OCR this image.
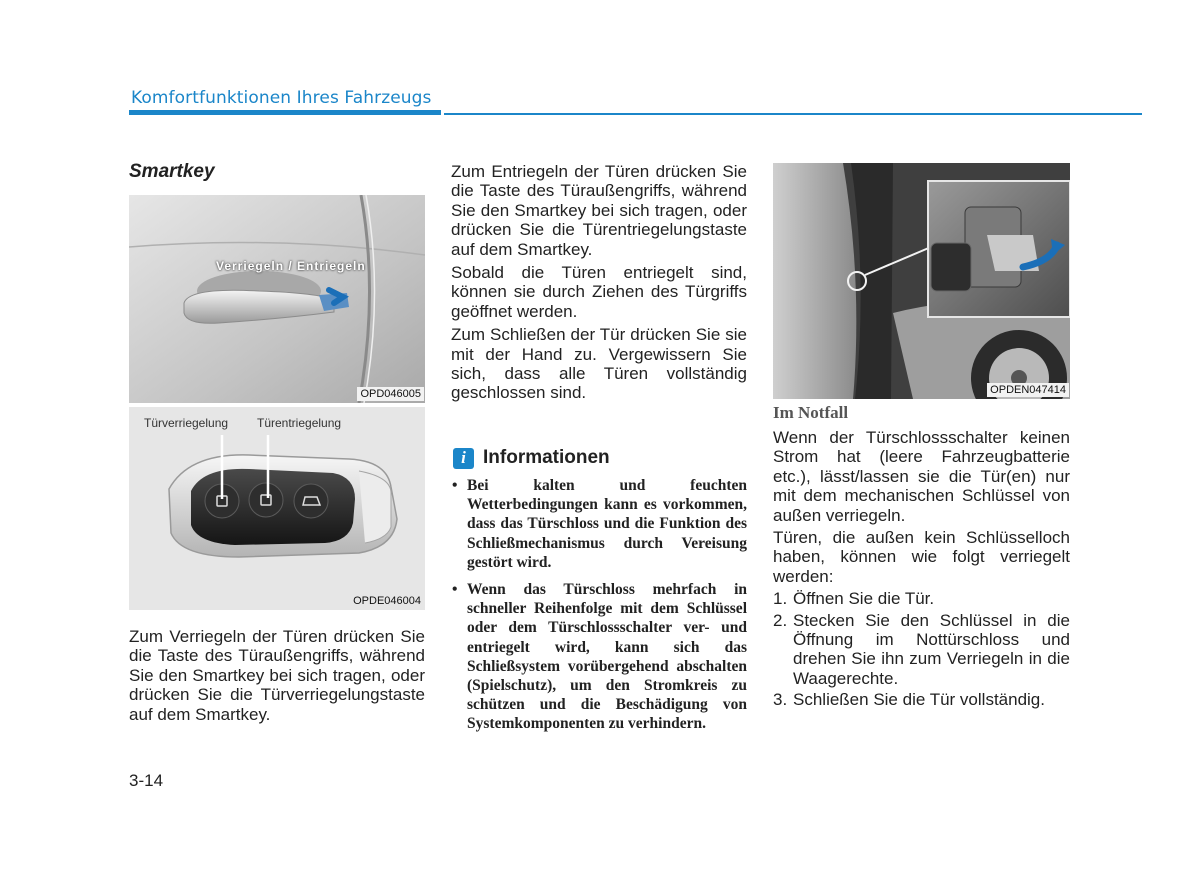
Komfortfunktionen Ihres Fahrzeugs
Smartkey
Verriegeln / Entriegeln
OPD046005
Türverriegelung Türentriegelung
OPDE046004
Zum Verriegeln der Türen drücken Sie die Taste des Türaußengriffs, während Sie den Smartkey bei sich tragen, oder drücken Sie die Türverriegelungstaste auf dem Smartkey.

Zum Entriegeln der Türen drücken Sie die Taste des Türaußengriffs, während Sie den Smartkey bei sich tragen, oder drücken Sie die Türentriegelungstaste auf dem Smartkey.

Sobald die Türen entriegelt sind, können sie durch Ziehen des Türgriffs geöffnet werden.

Zum Schließen der Tür drücken Sie sie mit der Hand zu. Vergewissern Sie sich, dass alle Türen vollständig geschlossen sind.

i Informationen
• Bei kalten und feuchten Wetterbedingungen kann es vorkommen, dass das Türschloss und die Funktion des Schließmechanismus durch Vereisung gestört wird.
• Wenn das Türschloss mehrfach in schneller Reihenfolge mit dem Schlüssel oder dem Türschlossschalter ver- und entriegelt wird, kann sich das Schließsystem vorübergehend abschalten (Spielschutz), um den Stromkreis zu schützen und die Beschädigung von Systemkomponenten zu verhindern.
OPDEN047414
Im Notfall

Wenn der Türschlossschalter keinen Strom hat (leere Fahrzeugbatterie etc.), lässt/lassen sie die Tür(en) nur mit dem mechanischen Schlüssel von außen verriegeln.

Türen, die außen kein Schlüsselloch haben, können wie folgt verriegelt werden:

1. Öffnen Sie die Tür.
2. Stecken Sie den Schlüssel in die Öffnung im Nottürschloss und drehen Sie ihn zum Verriegeln in die Waagerechte.
3. Schließen Sie die Tür vollständig.
3-14
